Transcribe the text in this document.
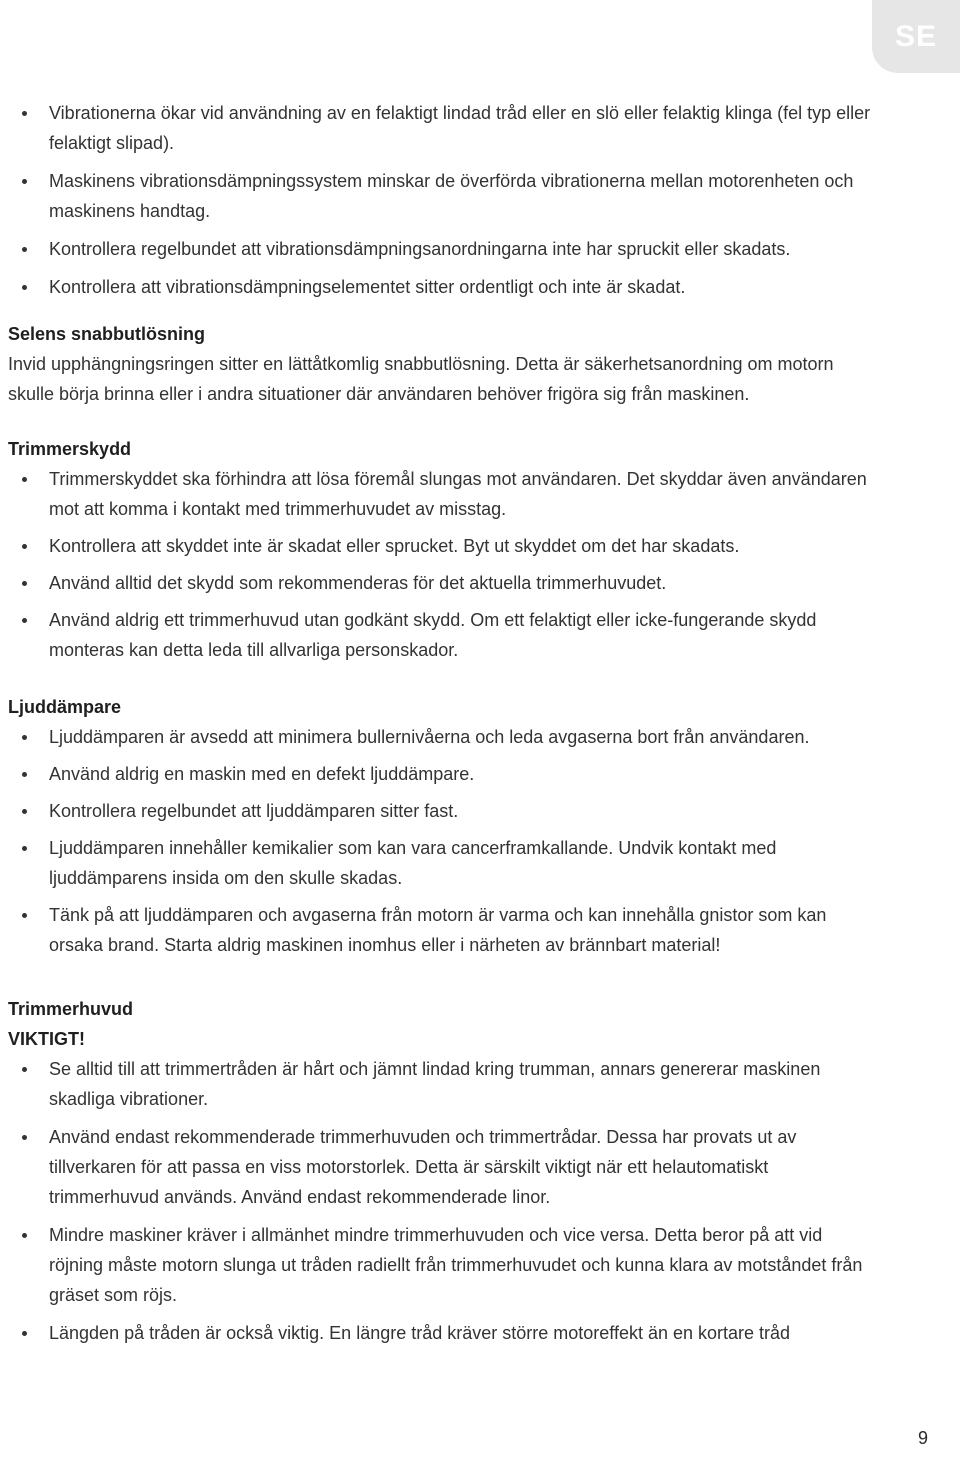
SE
Vibrationerna ökar vid användning av en felaktigt lindad tråd eller en slö eller felaktig klinga (fel typ eller felaktigt slipad).
Maskinens vibrationsdämpningssystem minskar de överförda vibrationerna mellan motorenheten och maskinens handtag.
Kontrollera regelbundet att vibrationsdämpningsanordningarna inte har spruckit eller skadats.
Kontrollera att vibrationsdämpningselementet sitter ordentligt och inte är skadat.

Selens snabbutlösning

Invid upphängningsringen sitter en lättåtkomlig snabbutlösning. Detta är säkerhetsanordning om motorn skulle börja brinna eller i andra situationer där användaren behöver frigöra sig från maskinen.

Trimmerskydd

Trimmerskyddet ska förhindra att lösa föremål slungas mot användaren. Det skyddar även användaren mot att komma i kontakt med trimmerhuvudet av misstag.
Kontrollera att skyddet inte är skadat eller sprucket. Byt ut skyddet om det har skadats.
Använd alltid det skydd som rekommenderas för det aktuella trimmerhuvudet.
Använd aldrig ett trimmerhuvud utan godkänt skydd. Om ett felaktigt eller icke-fungerande skydd monteras kan detta leda till allvarliga personskador.

Ljuddämpare

Ljuddämparen är avsedd att minimera bullernivåerna och leda avgaserna bort från användaren.
Använd aldrig en maskin med en defekt ljuddämpare.
Kontrollera regelbundet att ljuddämparen sitter fast.
Ljuddämparen innehåller kemikalier som kan vara cancerframkallande. Undvik kontakt med ljuddämparens insida om den skulle skadas.
Tänk på att ljuddämparen och avgaserna från motorn är varma och kan innehålla gnistor som kan orsaka brand. Starta aldrig maskinen inomhus eller i närheten av brännbart material!

Trimmerhuvud

VIKTIGT!

Se alltid till att trimmertråden är hårt och jämnt lindad kring trumman, annars genererar maskinen skadliga vibrationer.
Använd endast rekommenderade trimmerhuvuden och trimmertrådar. Dessa har provats ut av tillverkaren för att passa en viss motorstorlek. Detta är särskilt viktigt när ett helautomatiskt trimmerhuvud används. Använd endast rekommenderade linor.
Mindre maskiner kräver i allmänhet mindre trimmerhuvuden och vice versa. Detta beror på att vid röjning måste motorn slunga ut tråden radiellt från trimmerhuvudet och kunna klara av motståndet från gräset som röjs.
Längden på tråden är också viktig. En längre tråd kräver större motoreffekt än en kortare tråd
9
